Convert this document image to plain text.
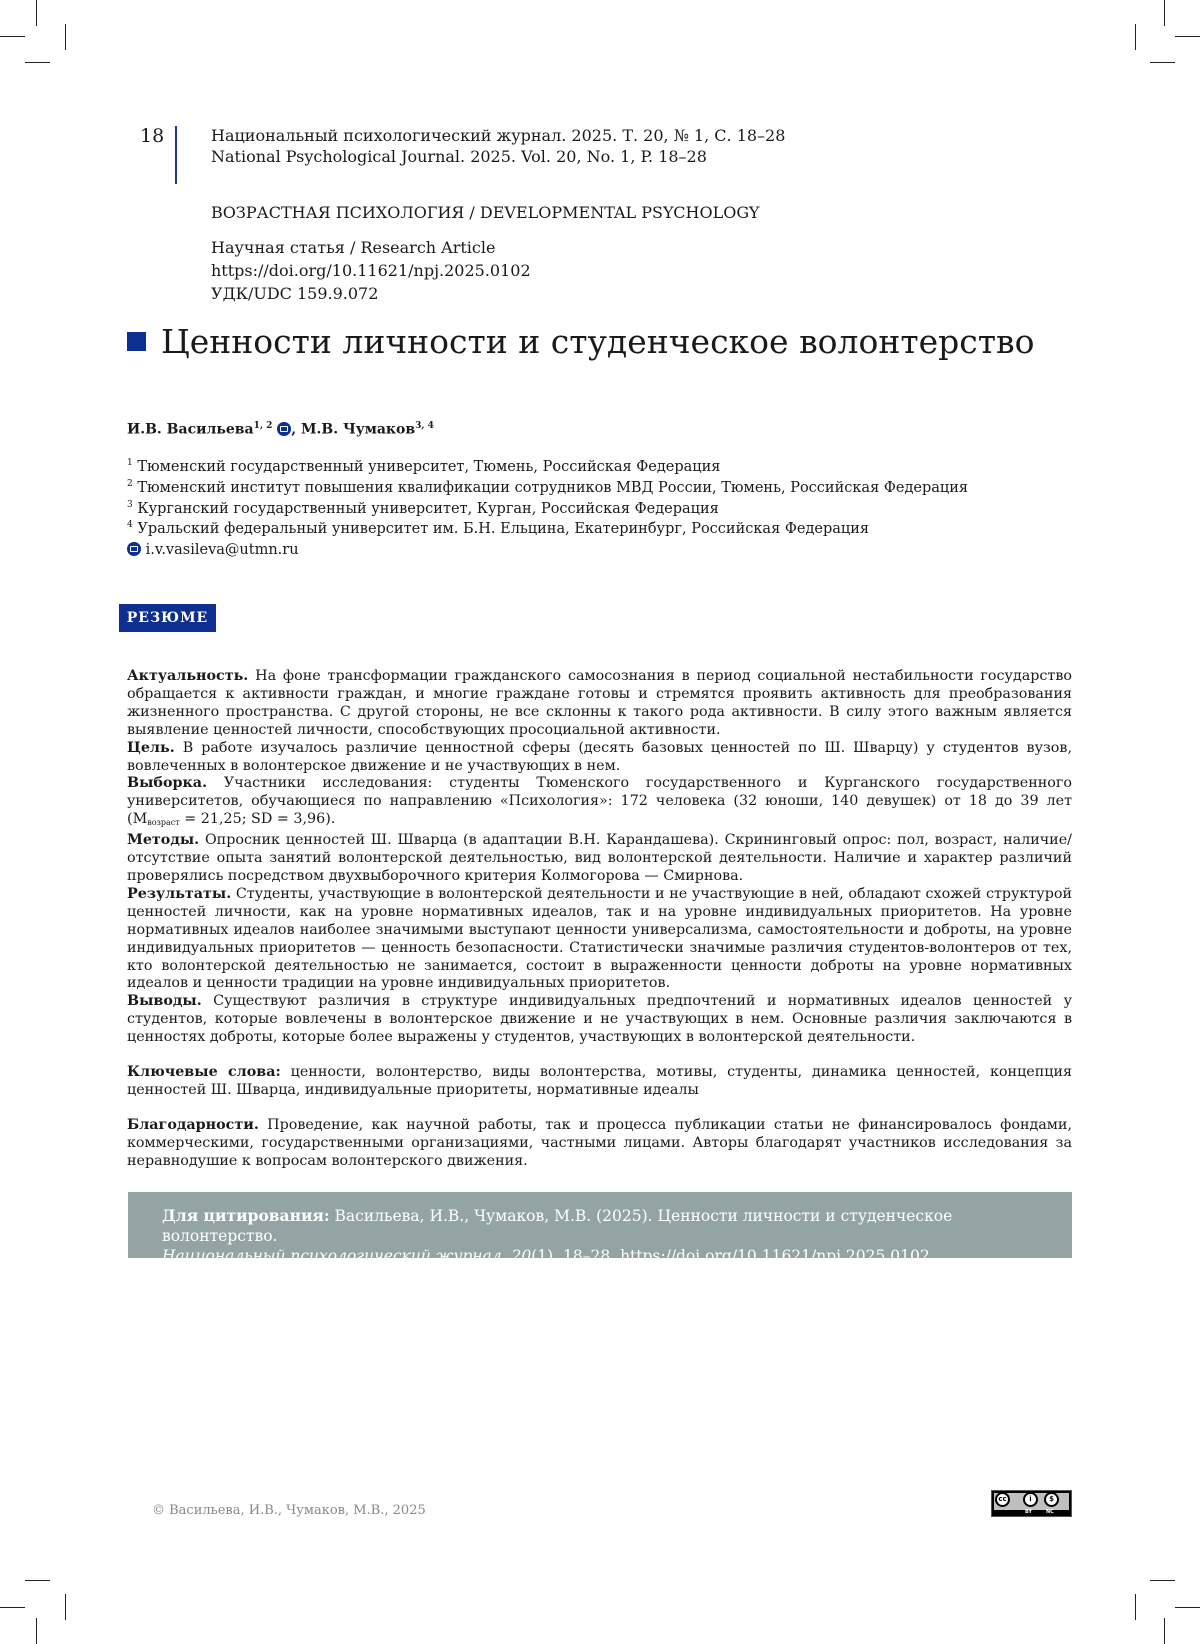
18	Национальный психологический журнал. 2025. Т. 20, № 1, С. 18–28
National Psychological Journal. 2025. Vol. 20, No. 1, P. 18–28
ВОЗРАСТНАЯ ПСИХОЛОГИЯ / DEVELOPMENTAL PSYCHOLOGY
Научная статья / Research Article
https://doi.org/10.11621/npj.2025.0102
УДК/UDC 159.9.072
Ценности личности и студенческое волонтерство
И.В. Васильева$^{1, 2}$ , М.В. Чумаков$^{3, 4}$
$^1$ Тюменский государственный университет, Тюмень, Российская Федерация
$^2$ Тюменский институт повышения квалификации сотрудников МВД России, Тюмень, Российская Федерация
$^3$ Курганский государственный университет, Курган, Российская Федерация
$^4$ Уральский федеральный университет им. Б.Н. Ельцина, Екатеринбург, Российская Федерация
i.v.vasileva@utmn.ru
РЕЗЮМЕ

Актуальность. На фоне трансформации гражданского самосознания в период социальной нестабильности государство обращается к активности граждан, и многие граждане готовы и стремятся проявить активность для преобразования жизненного пространства. С другой стороны, не все склонны к такого рода активности. В силу этого важным является выявление ценностей личности, способствующих просоциальной активности.

Цель. В работе изучалось различие ценностной сферы (десять базовых ценностей по Ш. Шварцу) у студентов вузов, вовлеченных в волонтерское движение и не участвующих в нем.

Выборка. Участники исследования: студенты Тюменского государственного и Курганского государственного университетов, обучающиеся по направлению «Психология»: 172 человека (32 юноши, 140 девушек) от 18 до 39 лет (Mвозраст = 21,25; SD = 3,96).

Методы. Опросник ценностей Ш. Шварца (в адаптации В.Н. Карандашева). Скрининговый опрос: пол, возраст, наличие/отсутствие опыта занятий волонтерской деятельностью, вид волонтерской деятельности. Наличие и характер различий проверялись посредством двухвыборочного критерия Колмогорова — Смирнова.

Результаты. Студенты, участвующие в волонтерской деятельности и не участвующие в ней, обладают схожей структурой ценностей личности, как на уровне нормативных идеалов, так и на уровне индивидуальных приоритетов. На уровне нормативных идеалов наиболее значимыми выступают ценности универсализма, самостоятельности и доброты, на уровне индивидуальных приоритетов — ценность безопасности. Статистически значимые различия студентов-волонтеров от тех, кто волонтерской деятельностью не занимается, состоит в выраженности ценности доброты на уровне нормативных идеалов и ценности традиции на уровне индивидуальных приоритетов.

Выводы. Существуют различия в структуре индивидуальных предпочтений и нормативных идеалов ценностей у студентов, которые вовлечены в волонтерское движение и не участвующих в нем. Основные различия заключаются в ценностях доброты, которые более выражены у студентов, участвующих в волонтерской деятельности.

Ключевые слова: ценности, волонтерство, виды волонтерства, мотивы, студенты, динамика ценностей, концепция ценностей Ш. Шварца, индивидуальные приоритеты, нормативные идеалы

Благодарности. Проведение, как научной работы, так и процесса публикации статьи не финансировалось фондами, коммерческими, государственными организациями, частными лицами. Авторы благодарят участников исследования за неравнодушие к вопросам волонтерского движения.

Для цитирования: Васильева, И.В., Чумаков, М.В. (2025). Ценности личности и студенческое волонтерство.
Национальный психологический журнал, 20(1), 18–28. https://doi.org/10.11621/npj.2025.0102
© Васильева, И.В., Чумаков, М.В., 2025
cc	i	$
BY	NC
